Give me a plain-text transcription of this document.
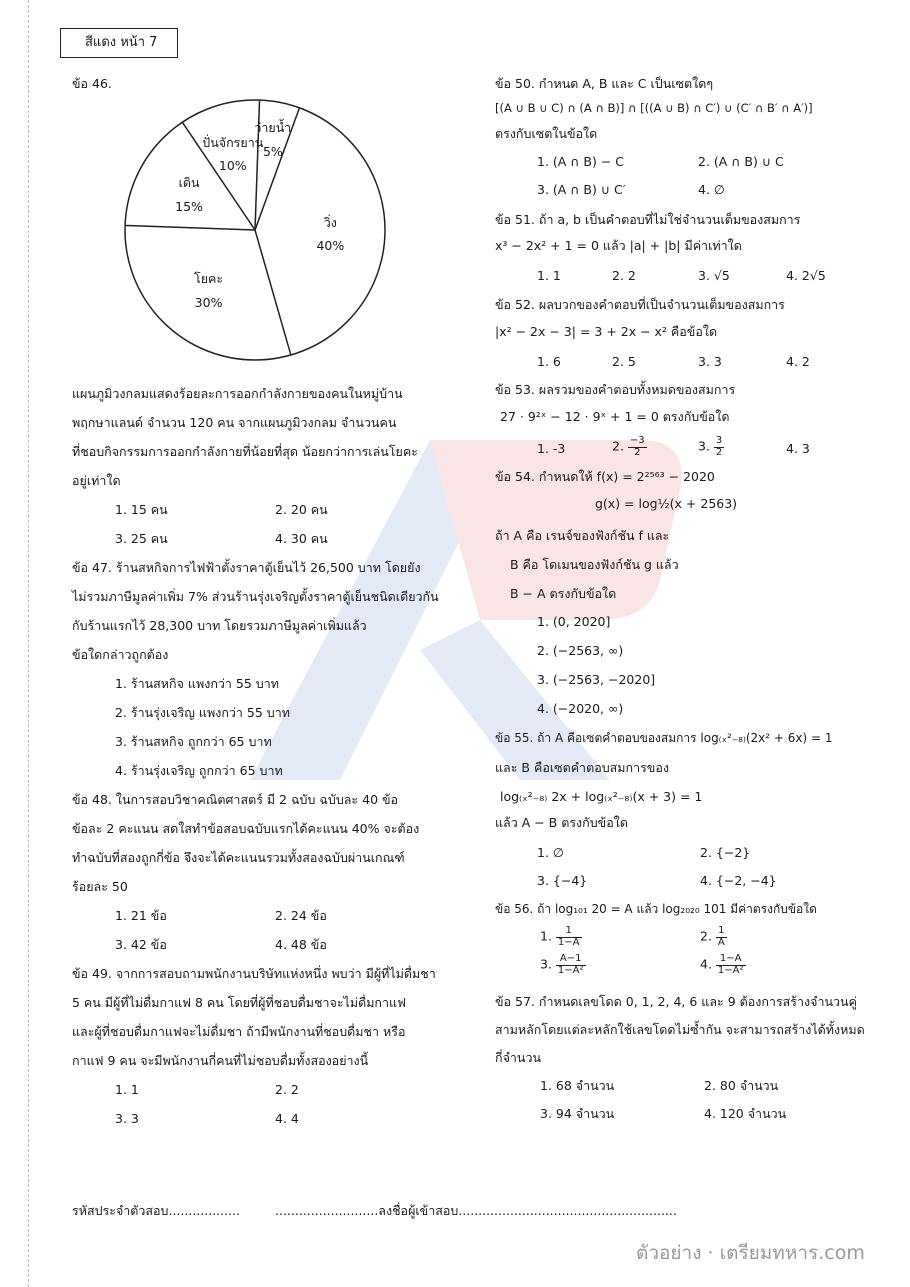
สีแดง หน้า 7
ข้อ 46.
วิ่ง
40%
โยคะ
30%
เดิน
15%
ปั่นจักรยาน
10%
ว่ายน้ำ
5%
แผนภูมิวงกลมแสดงร้อยละการออกกำลังกายของคนในหมู่บ้าน
พฤกษาแลนด์ จำนวน 120 คน จากแผนภูมิวงกลม จำนวนคน
ที่ชอบกิจกรรมการออกกำลังกายที่น้อยที่สุด น้อยกว่าการเล่นโยคะ
อยู่เท่าใด
1. 15 คน	2. 20 คน
3. 25 คน	4. 30 คน
ข้อ 47. ร้านสหกิจการไฟฟ้าตั้งราคาตู้เย็นไว้ 26,500 บาท โดยยัง
ไม่รวมภาษีมูลค่าเพิ่ม 7% ส่วนร้านรุ่งเจริญตั้งราคาตู้เย็นชนิดเดียวกัน
กับร้านแรกไว้ 28,300 บาท โดยรวมภาษีมูลค่าเพิ่มแล้ว
ข้อใดกล่าวถูกต้อง
1. ร้านสหกิจ แพงกว่า 55 บาท
2. ร้านรุ่งเจริญ แพงกว่า 55 บาท
3. ร้านสหกิจ ถูกกว่า 65 บาท
4. ร้านรุ่งเจริญ ถูกกว่า 65 บาท
ข้อ 48. ในการสอบวิชาคณิตศาสตร์ มี 2 ฉบับ ฉบับละ 40 ข้อ
ข้อละ 2 คะแนน สดใสทำข้อสอบฉบับแรกได้คะแนน 40% จะต้อง
ทำฉบับที่สองถูกกี่ข้อ จึงจะได้คะแนนรวมทั้งสองฉบับผ่านเกณฑ์
ร้อยละ 50
1. 21 ข้อ	2. 24 ข้อ
3. 42 ข้อ	4. 48 ข้อ
ข้อ 49. จากการสอบถามพนักงานบริษัทแห่งหนึ่ง พบว่า มีผู้ที่ไม่ดื่มชา
5 คน มีผู้ที่ไม่ดื่มกาแฟ 8 คน โดยที่ผู้ที่ชอบดื่มชาจะไม่ดื่มกาแฟ
และผู้ที่ชอบดื่มกาแฟจะไม่ดื่มชา ถ้ามีพนักงานที่ชอบดื่มชา หรือ
กาแฟ 9 คน จะมีพนักงานกี่คนที่ไม่ชอบดื่มทั้งสองอย่างนี้
1. 1	2. 2
3. 3	4. 4
ข้อ 50. กำหนด A, B และ C เป็นเซตใดๆ
[(A ∪ B ∪ C) ∩ (A ∩ B)] ∩ [((A ∪ B) ∩ C′) ∪ (C′ ∩ B′ ∩ A′)]
ตรงกับเซตในข้อใด
1. (A ∩ B) − C	2. (A ∩ B) ∪ C
3. (A ∩ B) ∪ C′	4. ∅
ข้อ 51. ถ้า a, b เป็นคำตอบที่ไม่ใช่จำนวนเต็มของสมการ
x³ − 2x² + 1 = 0 แล้ว |a| + |b| มีค่าเท่าใด
1. 1	2. 2	3. √5	4. 2√5
ข้อ 52. ผลบวกของคำตอบที่เป็นจำนวนเต็มของสมการ
|x² − 2x − 3| = 3 + 2x − x² คือข้อใด
1. 6	2. 5	3. 3	4. 2
ข้อ 53. ผลรวมของคำตอบทั้งหมดของสมการ
27 · 9²ˣ − 12 · 9ˣ + 1 = 0 ตรงกับข้อใด
1. -3	2. $\frac{-3}{2}$	3. $\frac{3}{2}$	4. 3
ข้อ 54. กำหนดให้ f(x) = 2²⁵⁶³ − 2020
g(x) = log½(x + 2563)
ถ้า A คือ เรนจ์ของฟังก์ชัน f และ
B คือ โดเมนของฟังก์ชัน g แล้ว
B − A ตรงกับข้อใด
1. (0, 2020]
2. (−2563, ∞)
3. (−2563, −2020]
4. (−2020, ∞)
ข้อ 55. ถ้า A คือเซตคำตอบของสมการ log₍ₓ²₋₈₎(2x² + 6x) = 1
และ B คือเซตคำตอบสมการของ
log₍ₓ²₋₈₎ 2x + log₍ₓ²₋₈₎(x + 3) = 1
แล้ว A − B ตรงกับข้อใด
1. ∅	2. {−2}
3. {−4}	4. {−2, −4}
ข้อ 56. ถ้า log₁₀₁ 20 = A แล้ว log₂₀₂₀ 101 มีค่าตรงกับข้อใด
1. $\frac{1}{1-A}$	2. $\frac{1}{A}$
3. $\frac{A-1}{\text{1−A²}}$	4. $\frac{1-A}{\text{1−A²}}$
ข้อ 57. กำหนดเลขโดด 0, 1, 2, 4, 6 และ 9 ต้องการสร้างจำนวนคู่
สามหลักโดยแต่ละหลักใช้เลขโดดไม่ซ้ำกัน จะสามารถสร้างได้ทั้งหมด
กี่จำนวน
1. 68 จำนวน	2. 80 จำนวน
3. 94 จำนวน	4. 120 จำนวน
รหัสประจำตัวสอบ..................	..........................ลงชื่อผู้เข้าสอบ.......................................................
ตัวอย่าง · เตรียมทหาร.com
